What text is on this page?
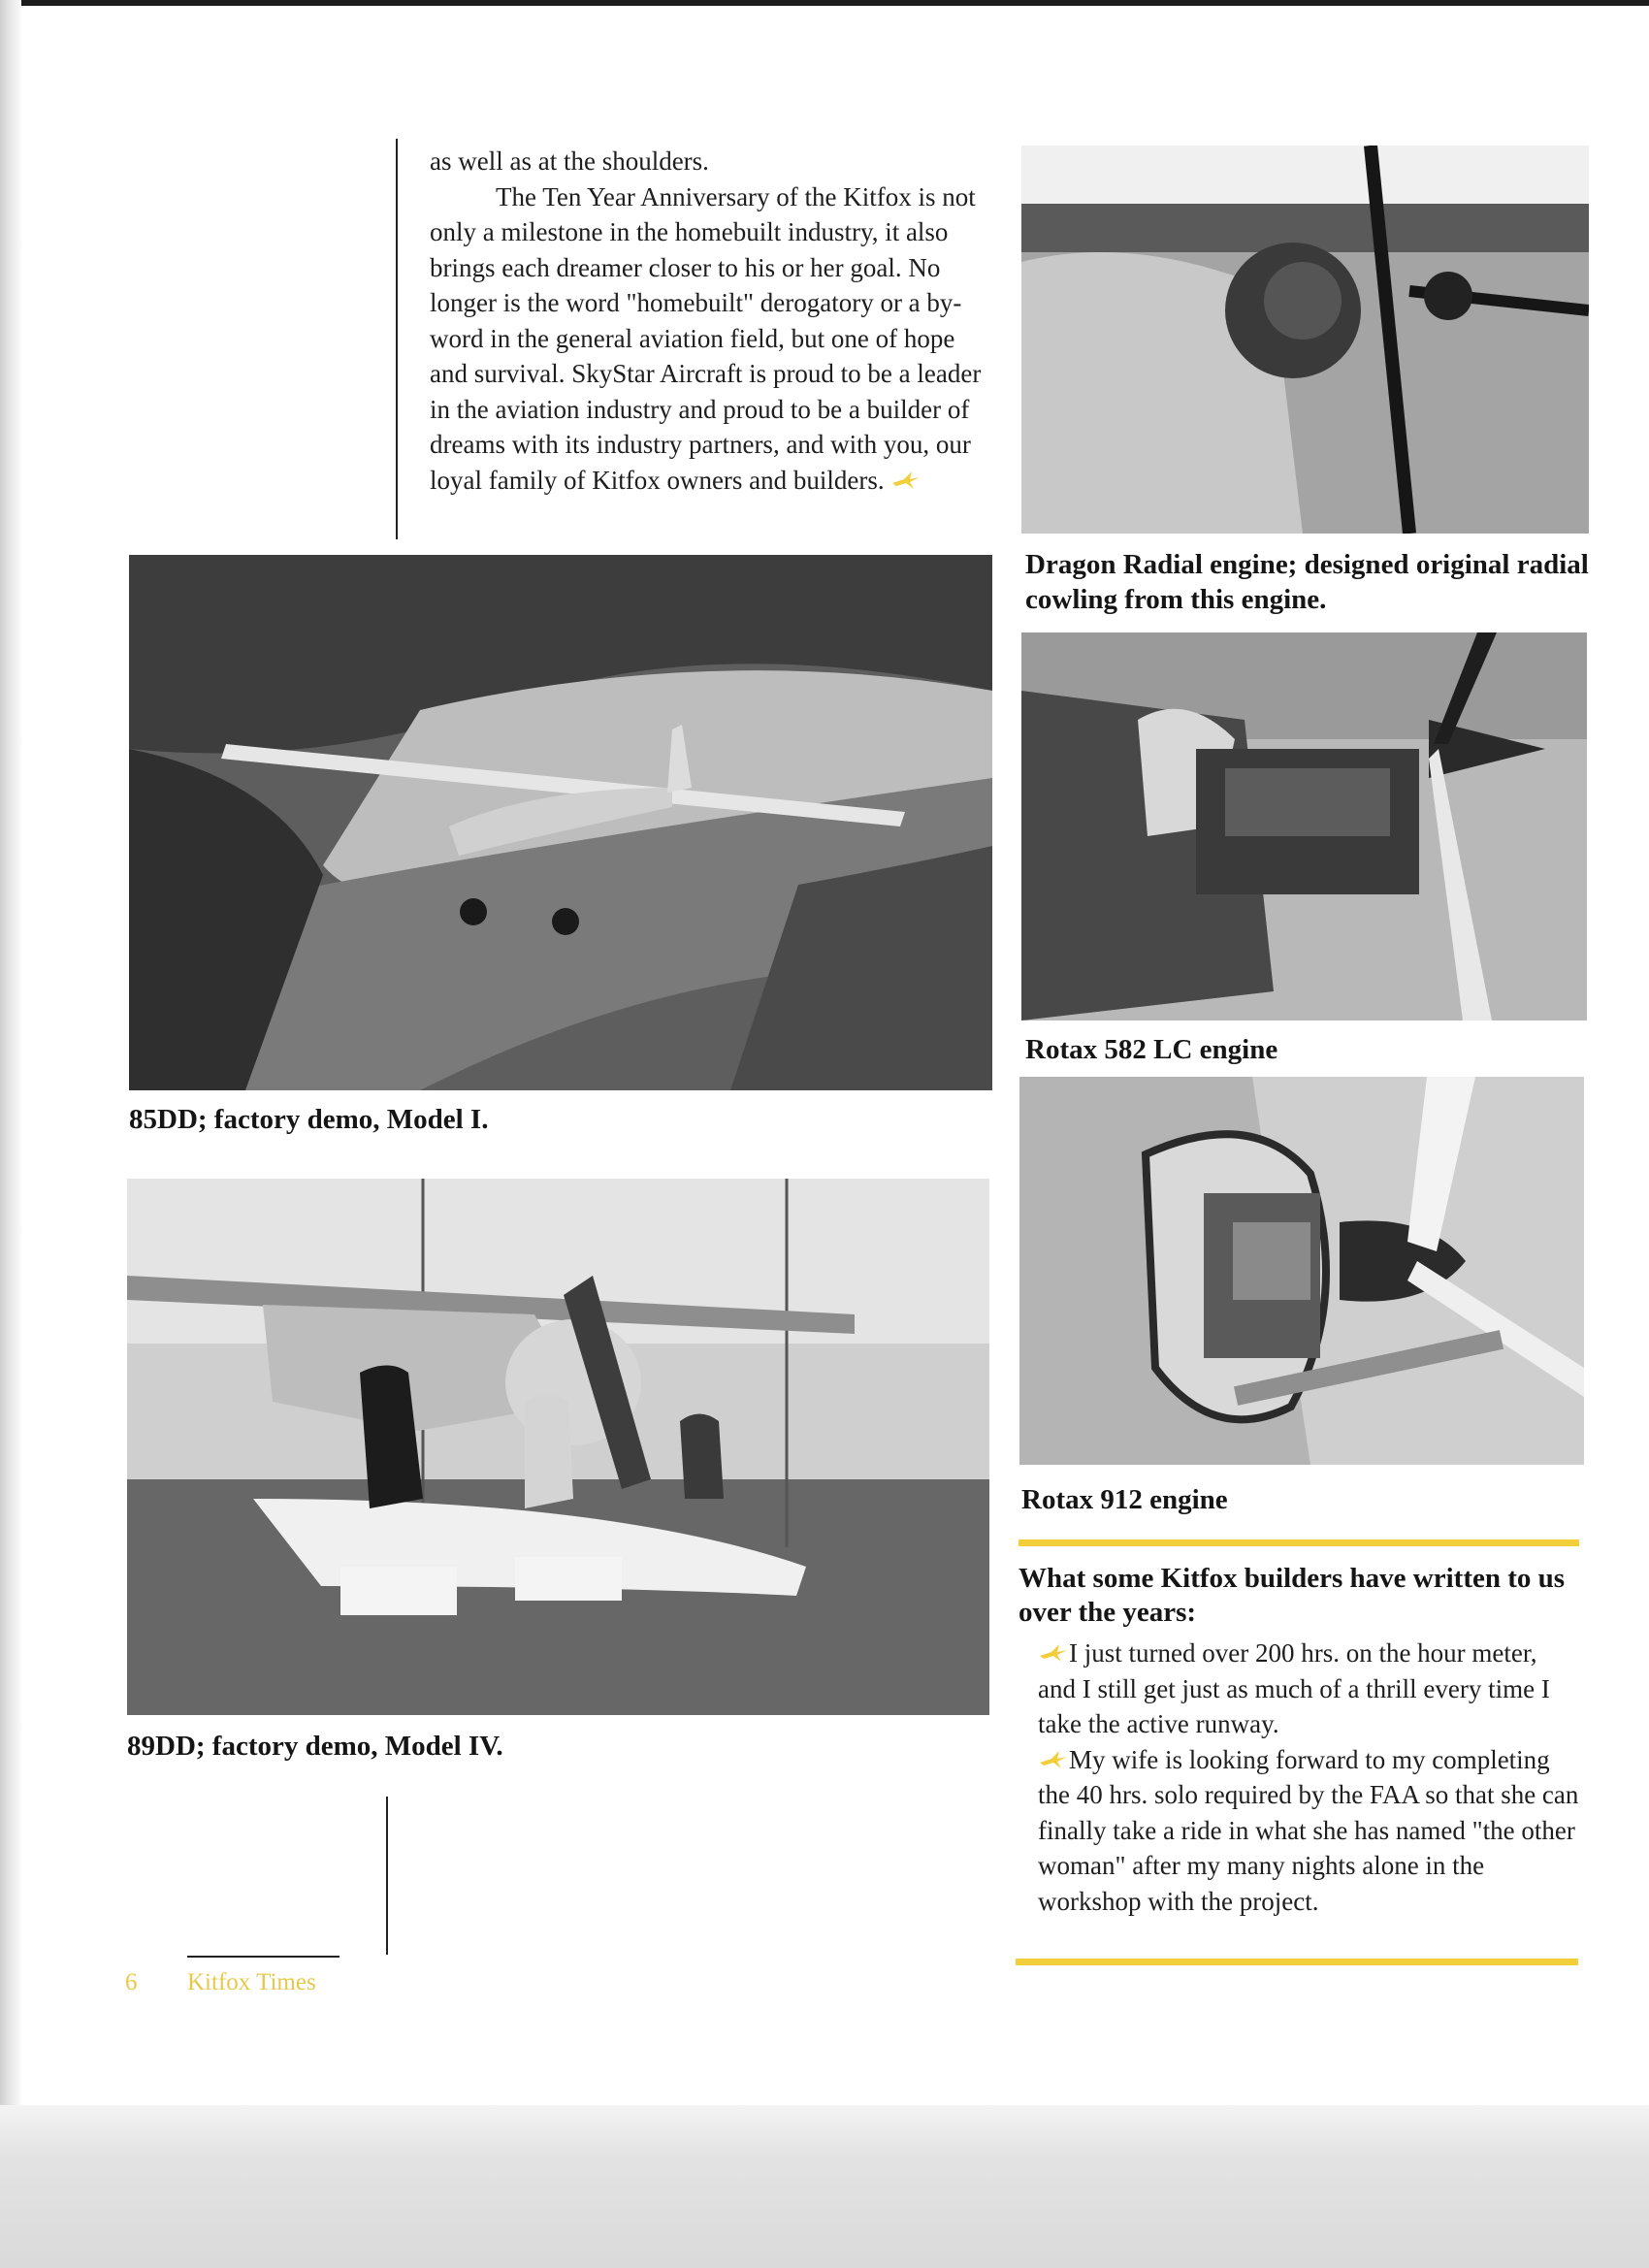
as well as at the shoulders.

The Ten Year Anniversary of the Kitfox is not only a milestone in the homebuilt industry, it also brings each dreamer closer to his or her goal. No longer is the word "homebuilt" derogatory or a by-word in the general aviation field, but one of hope and survival. SkyStar Aircraft is proud to be a leader in the aviation industry and proud to be a builder of dreams with its industry partners, and with you, our loyal family of Kitfox owners and builders.

Dragon Radial engine; designed original radial cowling from this engine.

85DD; factory demo, Model I.

Rotax 582 LC engine

Rotax 912 engine

89DD; factory demo, Model IV.

What some Kitfox builders have written to us over the years:

I just turned over 200 hrs. on the hour meter, and I still get just as much of a thrill every time I take the active runway.

My wife is looking forward to my completing the 40 hrs. solo required by the FAA so that she can finally take a ride in what she has named "the other woman" after my many nights alone in the workshop with the project.

6 Kitfox Times
